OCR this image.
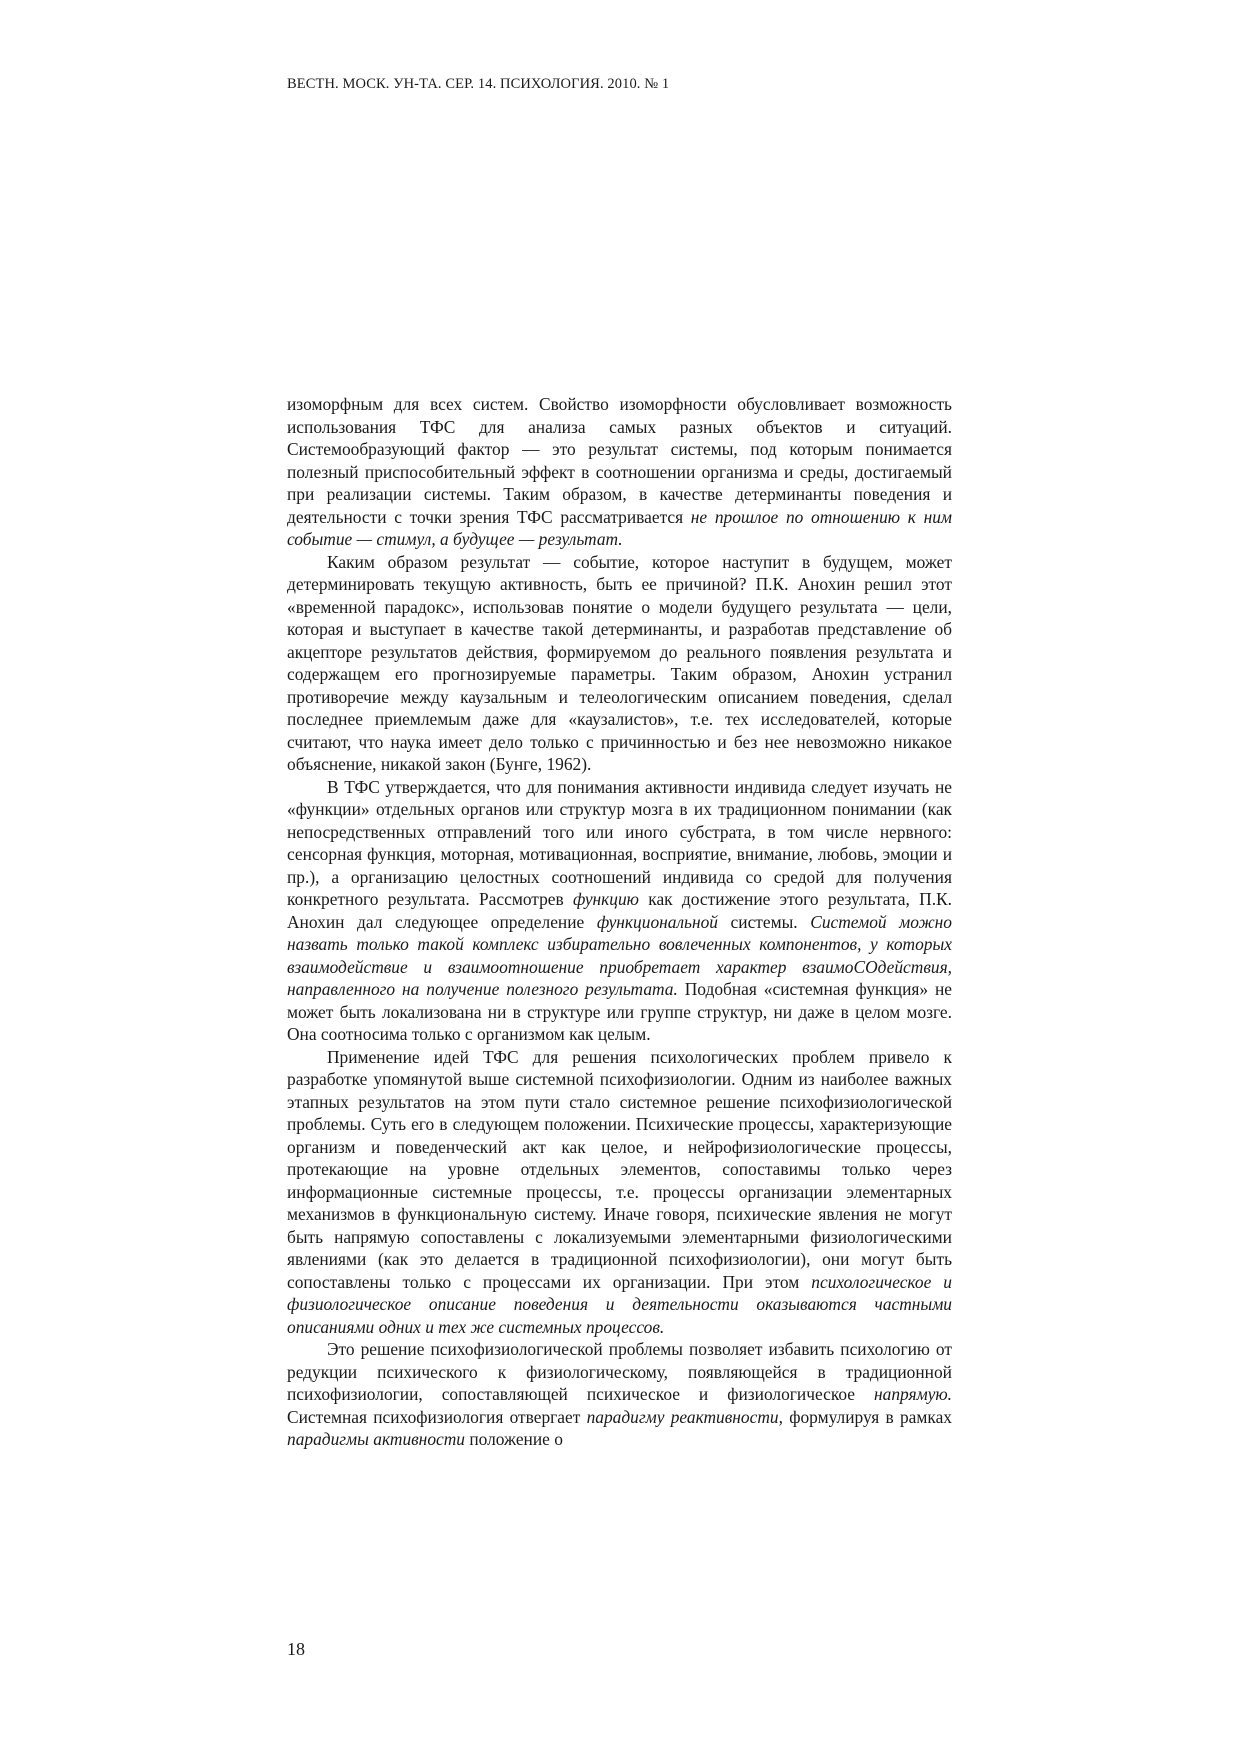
ВЕСТН. МОСК. УН-ТА. СЕР. 14. ПСИХОЛОГИЯ. 2010. № 1

изоморфным для всех систем. Свойство изоморфности обусловливает возможность использования ТФС для анализа самых разных объектов и ситуаций. Системообразующий фактор — это результат системы, под которым понимается полезный приспособительный эффект в соотношении организма и среды, достигаемый при реализации системы. Таким образом, в качестве детерминанты поведения и деятельности с точки зрения ТФС рассматривается не прошлое по отношению к ним событие — стимул, а будущее — результат.

Каким образом результат — событие, которое наступит в будущем, может детерминировать текущую активность, быть ее причиной? П.К. Анохин решил этот «временной парадокс», использовав понятие о модели будущего результата — цели, которая и выступает в качестве такой детерминанты, и разработав представление об акцепторе результатов действия, формируемом до реального появления результата и содержащем его прогнозируемые параметры. Таким образом, Анохин устранил противоречие между каузальным и телеологическим описанием поведения, сделал последнее приемлемым даже для «каузалистов», т.е. тех исследователей, которые считают, что наука имеет дело только с причинностью и без нее невозможно никакое объяснение, никакой закон (Бунге, 1962).

В ТФС утверждается, что для понимания активности индивида следует изучать не «функции» отдельных органов или структур мозга в их традиционном понимании (как непосредственных отправлений того или иного субстрата, в том числе нервного: сенсорная функция, моторная, мотивационная, восприятие, внимание, любовь, эмоции и пр.), а организацию целостных соотношений индивида со средой для получения конкретного результата. Рассмотрев функцию как достижение этого результата, П.К. Анохин дал следующее определение функциональной системы. Системой можно назвать только такой комплекс избирательно вовлеченных компонентов, у которых взаимодействие и взаимоотношение приобретает характер взаимоСОдействия, направленного на получение полезного результата. Подобная «системная функция» не может быть локализована ни в структуре или группе структур, ни даже в целом мозге. Она соотносима только с организмом как целым.

Применение идей ТФС для решения психологических проблем привело к разработке упомянутой выше системной психофизиологии. Одним из наиболее важных этапных результатов на этом пути стало системное решение психофизиологической проблемы. Суть его в следующем положении. Психические процессы, характеризующие организм и поведенческий акт как целое, и нейрофизиологические процессы, протекающие на уровне отдельных элементов, сопоставимы только через информационные системные процессы, т.е. процессы организации элементарных механизмов в функциональную систему. Иначе говоря, психические явления не могут быть напрямую сопоставлены с локализуемыми элементарными физиологическими явлениями (как это делается в традиционной психофизиологии), они могут быть сопоставлены только с процессами их организации. При этом психологическое и физиологическое описание поведения и деятельности оказываются частными описаниями одних и тех же системных процессов.

Это решение психофизиологической проблемы позволяет избавить психологию от редукции психического к физиологическому, появляющейся в традиционной психофизиологии, сопоставляющей психическое и физиологическое напрямую. Системная психофизиология отвергает парадигму реактивности, формулируя в рамках парадигмы активности положение о

18
